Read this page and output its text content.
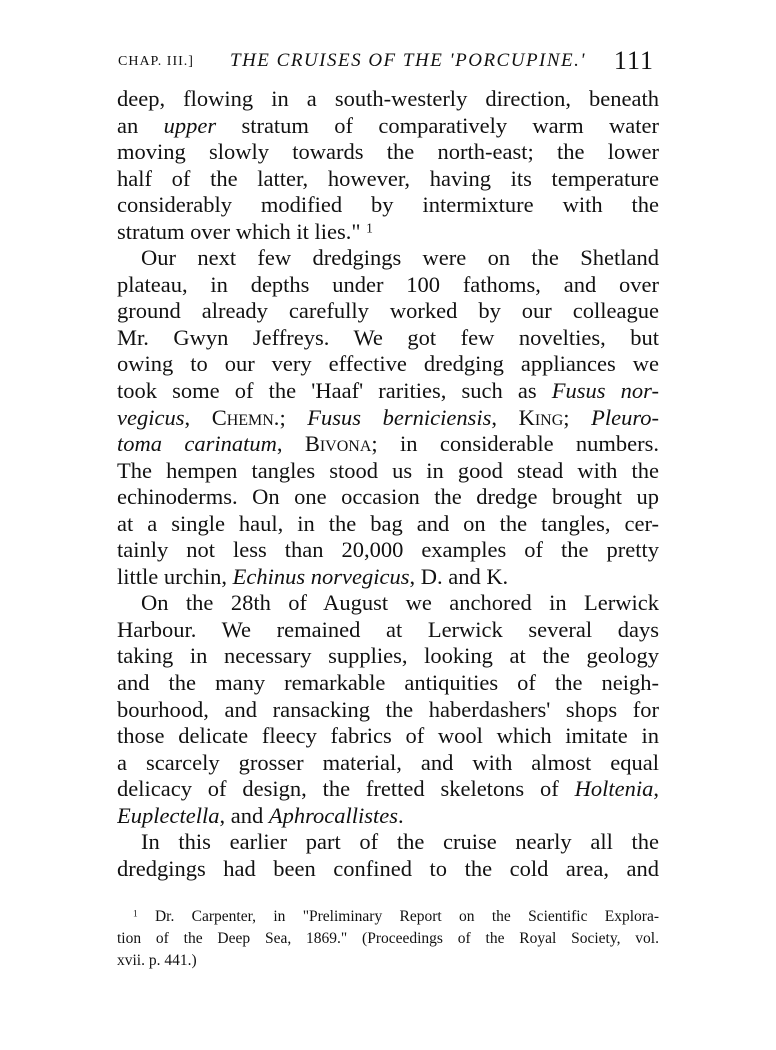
CHAP. III.] THE CRUISES OF THE 'PORCUPINE.' 111
deep, flowing in a south-westerly direction, beneath
an upper stratum of comparatively warm water
moving slowly towards the north-east; the lower
half of the latter, however, having its temperature
considerably modified by intermixture with the
stratum over which it lies." $^1$
Our next few dredgings were on the Shetland
plateau, in depths under 100 fathoms, and over
ground already carefully worked by our colleague
Mr. Gwyn Jeffreys. We got few novelties, but
owing to our very effective dredging appliances we
took some of the 'Haaf' rarities, such as Fusus nor-
vegicus, Chemn.; Fusus berniciensis, King; Pleuro-
toma carinatum, Bivona; in considerable numbers.
The hempen tangles stood us in good stead with the
echinoderms. On one occasion the dredge brought up
at a single haul, in the bag and on the tangles, cer-
tainly not less than 20,000 examples of the pretty
little urchin, Echinus norvegicus, D. and K.
On the 28th of August we anchored in Lerwick
Harbour. We remained at Lerwick several days
taking in necessary supplies, looking at the geology
and the many remarkable antiquities of the neigh-
bourhood, and ransacking the haberdashers' shops for
those delicate fleecy fabrics of wool which imitate in
a scarcely grosser material, and with almost equal
delicacy of design, the fretted skeletons of Holtenia,
Euplectella, and Aphrocallistes.
In this earlier part of the cruise nearly all the
dredgings had been confined to the cold area, and
$^1$ Dr. Carpenter, in "Preliminary Report on the Scientific Explora-
tion of the Deep Sea, 1869." (Proceedings of the Royal Society, vol.
xvii. p. 441.)
